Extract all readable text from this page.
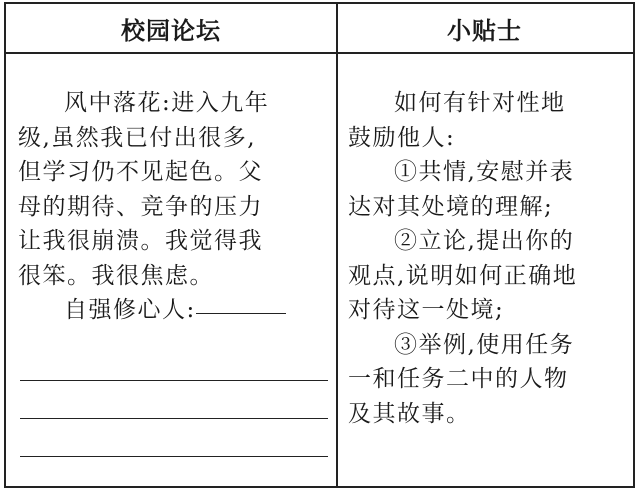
校园论坛	小贴士

风中落花:进入九年

级,虽然我已付出很多,

但学习仍不见起色。父

母的期待、竞争的压力

让我很崩溃。我觉得我

很笨。我很焦虑。

自强修心人:

如何有针对性地

鼓励他人:

①共情,安慰并表

达对其处境的理解;

②立论,提出你的

观点,说明如何正确地

对待这一处境;

③举例,使用任务

一和任务二中的人物

及其故事。
